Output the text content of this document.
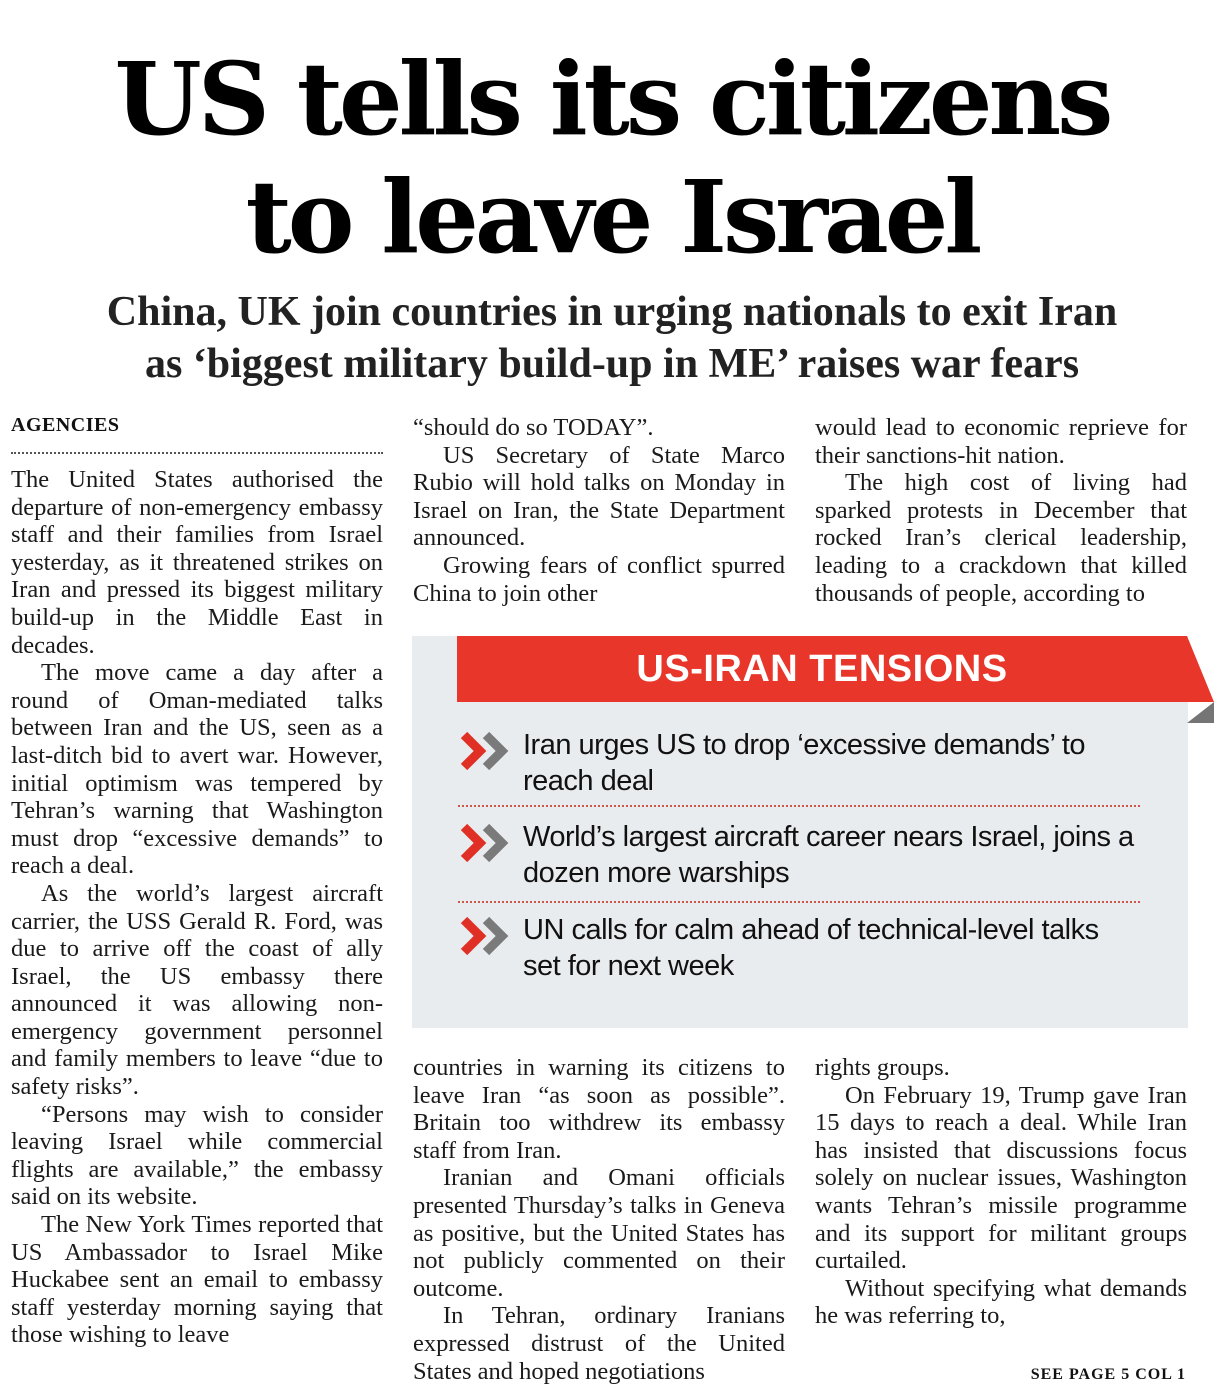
US tells its citizens
to leave Israel
China, UK join countries in urging nationals to exit Iran
as ‘biggest military build-up in ME’ raises war fears
AGENCIES

The United States authorised the departure of non-emergency embassy staff and their families from Israel yesterday, as it threatened strikes on Iran and pressed its biggest military build-up in the Middle East in decades.

The move came a day after a round of Oman-mediated talks between Iran and the US, seen as a last-ditch bid to avert war. However, initial optimism was tempered by Tehran’s warning that Washington must drop “excessive demands” to reach a deal.

As the world’s largest aircraft carrier, the USS Gerald R. Ford, was due to arrive off the coast of ally Israel, the US embassy there announced it was allowing non-emergency government personnel and family members to leave “due to safety risks”.

“Persons may wish to consider leaving Israel while commercial flights are available,” the embassy said on its website.

The New York Times reported that US Ambassador to Israel Mike Huckabee sent an email to embassy staff yesterday morning saying that those wishing to leave

“should do so TODAY”.

US Secretary of State Marco Rubio will hold talks on Monday in Israel on Iran, the State Department announced.

Growing fears of conflict spurred China to join other

would lead to economic reprieve for their sanctions-hit nation.

The high cost of living had sparked protests in December that rocked Iran’s clerical leadership, leading to a crackdown that killed thousands of people, according to

US-IRAN TENSIONS

Iran urges US to drop ‘excessive demands’ to reach deal

World’s largest aircraft career nears Israel, joins a dozen more warships

UN calls for calm ahead of technical-level talks set for next week

countries in warning its citizens to leave Iran “as soon as possible”. Britain too withdrew its embassy staff from Iran.

Iranian and Omani officials presented Thursday’s talks in Geneva as positive, but the United States has not publicly commented on their outcome.

In Tehran, ordinary Iranians expressed distrust of the United States and hoped negotiations

rights groups.

On February 19, Trump gave Iran 15 days to reach a deal. While Iran has insisted that discussions focus solely on nuclear issues, Washington wants Tehran’s missile programme and its support for militant groups curtailed.

Without specifying what demands he was referring to,

SEE PAGE 5 COL 1
